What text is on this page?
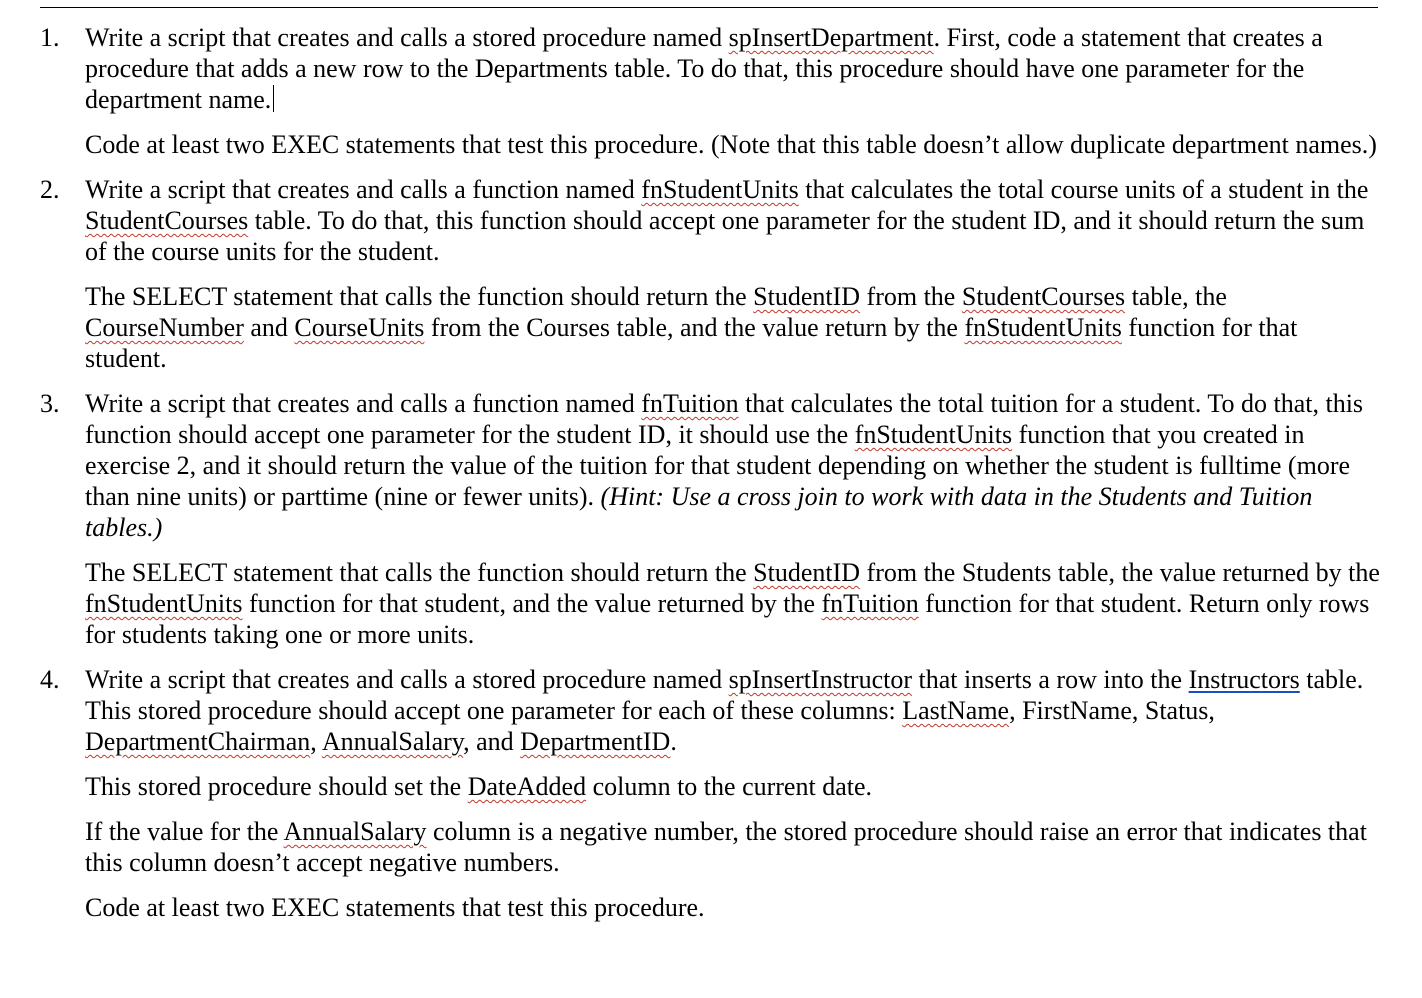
1. Write a script that creates and calls a stored procedure named spInsertDepartment. First, code a statement that creates a procedure that adds a new row to the Departments table. To do that, this procedure should have one parameter for the department name.

Code at least two EXEC statements that test this procedure. (Note that this table doesn’t allow duplicate department names.)

2. Write a script that creates and calls a function named fnStudentUnits that calculates the total course units of a student in the StudentCourses table. To do that, this function should accept one parameter for the student ID, and it should return the sum of the course units for the student.

The SELECT statement that calls the function should return the StudentID from the StudentCourses table, the CourseNumber and CourseUnits from the Courses table, and the value return by the fnStudentUnits function for that student.

3. Write a script that creates and calls a function named fnTuition that calculates the total tuition for a student. To do that, this function should accept one parameter for the student ID, it should use the fnStudentUnits function that you created in exercise 2, and it should return the value of the tuition for that student depending on whether the student is fulltime (more than nine units) or parttime (nine or fewer units). (Hint: Use a cross join to work with data in the Students and Tuition tables.)

The SELECT statement that calls the function should return the StudentID from the Students table, the value returned by the fnStudentUnits function for that student, and the value returned by the fnTuition function for that student. Return only rows for students taking one or more units.

4. Write a script that creates and calls a stored procedure named spInsertInstructor that inserts a row into the Instructors table. This stored procedure should accept one parameter for each of these columns: LastName, FirstName, Status, DepartmentChairman, AnnualSalary, and DepartmentID.

This stored procedure should set the DateAdded column to the current date.

If the value for the AnnualSalary column is a negative number, the stored procedure should raise an error that indicates that this column doesn’t accept negative numbers.

Code at least two EXEC statements that test this procedure.
